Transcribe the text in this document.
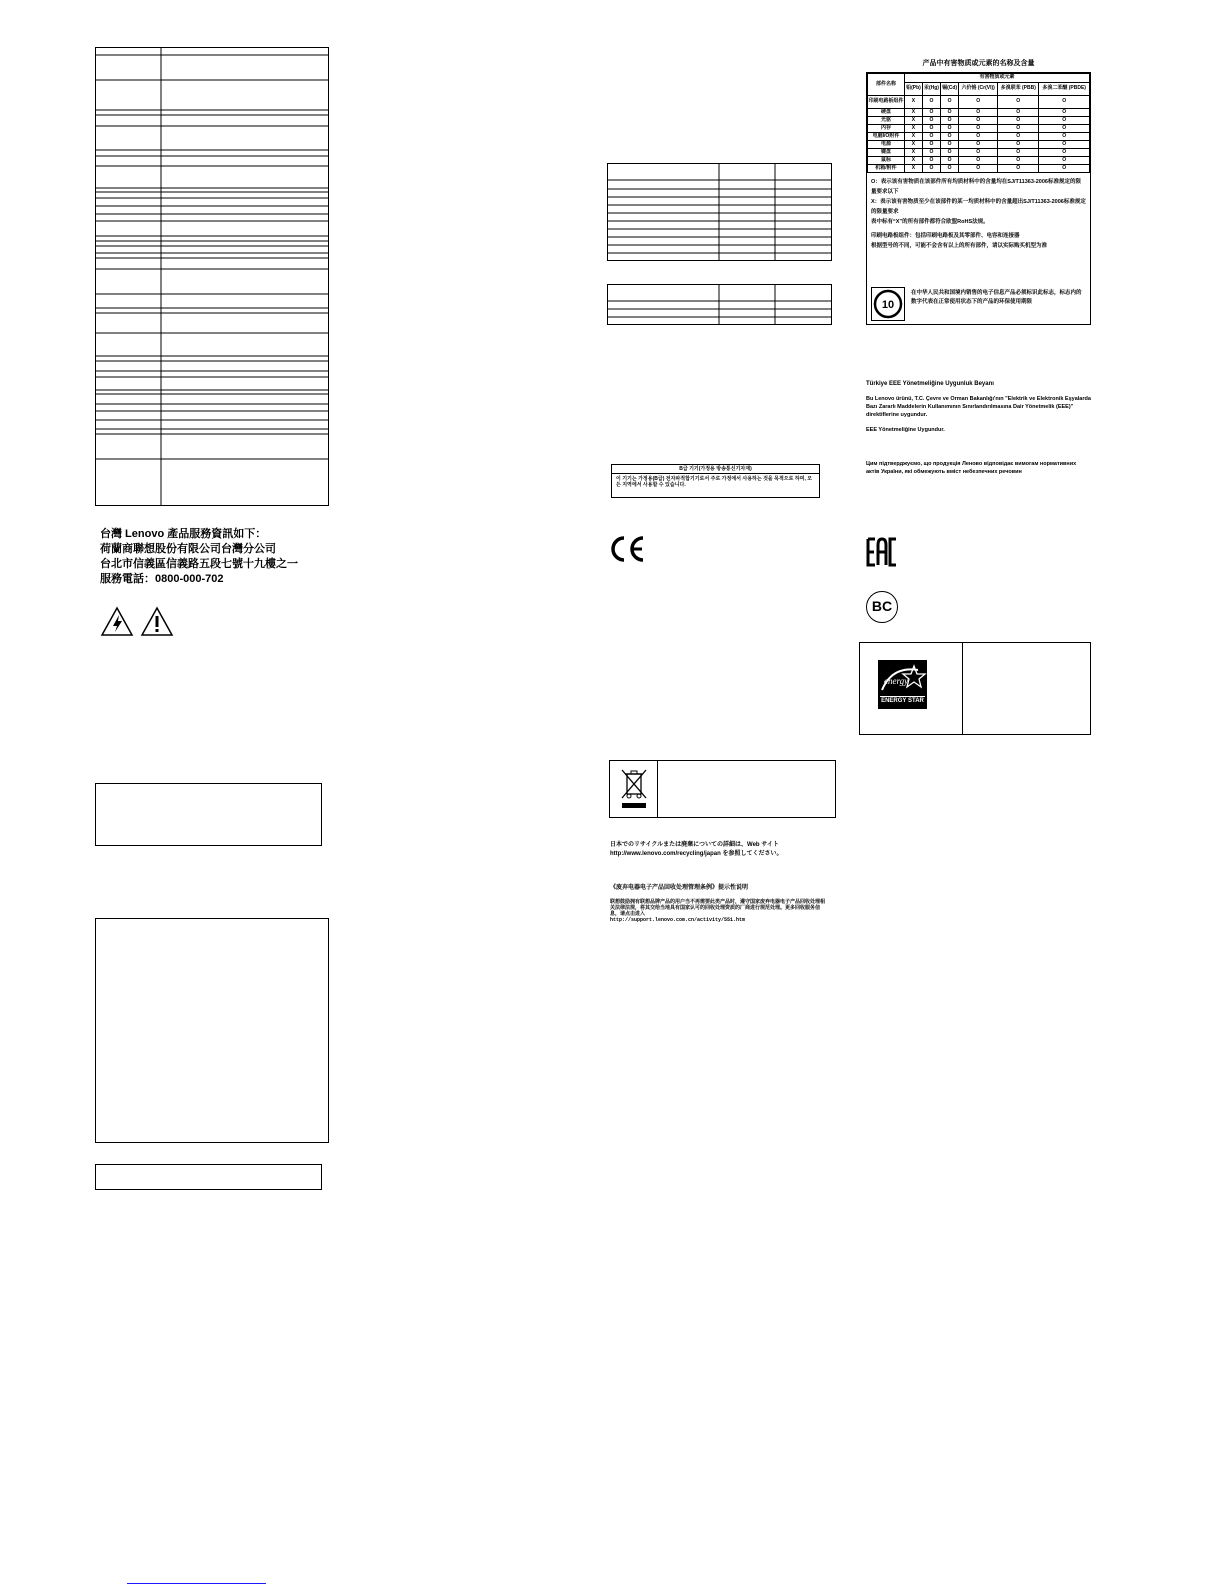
台灣 Lenovo 產品服務資訊如下：
荷蘭商聯想股份有限公司台灣分公司
台北市信義區信義路五段七號十九樓之一
服務電話：0800-000-702
B급 기기(가정용 방송통신기자재)
이 기기는 가정용(B급) 전자파적합기기로서 주로 가정에서 사용하는 것을 목적으로 하며, 모든 지역에서 사용할 수 있습니다.
日本でのリサイクルまたは廃棄についての詳細は、Web サイト
http://www.lenovo.com/recycling/japan を参照してください。
《废弃电器电子产品回收处理管理条例》提示性说明
联想鼓励拥有联想品牌产品的用户当不再需要此类产品时，遵守国家废弃电器电子产品回收处理相关法律法规，将其交给当地具有国家认可的回收处理资质的厂商进行规范处理。更多回收服务信息，请点击进入
http://support.lenovo.com.cn/activity/551.htm
产品中有害物质或元素的名称及含量
部件名称	有害物质或元素					
	铅(Pb)	汞(Hg)	镉(Cd)	六价铬 (Cr(VI))	多溴联苯 (PBB)	多溴二苯醚 (PBDE)
印刷电路板组件	X	O	O	O	O	O
硬盘	X	O	O	O	O	O
光驱	X	O	O	O	O	O
内存	X	O	O	O	O	O
电脑I/O附件	X	O	O	O	O	O
电源	X	O	O	O	O	O
键盘	X	O	O	O	O	O
鼠标	X	O	O	O	O	O
机箱/附件	X	O	O	O	O	O
O：表示该有害物质在该部件所有均质材料中的含量均在SJ/T11363-2006标准规定的限量要求以下
X：表示该有害物质至少在该部件的某一均质材料中的含量超出SJ/T11363-2006标准规定的限量要求
表中标有“X”的所有部件都符合欧盟RoHS法规。
印刷电路板组件：包括印刷电路板及其零部件、电容和连接器
根据型号的不同，可能不会含有以上的所有部件，请以实际购买机型为准
10
在中华人民共和国境内销售的电子信息产品必须标识此标志，标志内的数字代表在正常使用状态下的产品的环保使用期限
Türkiye EEE Yönetmeliğine Uygunluk Beyanı
Bu Lenovo ürünü, T.C. Çevre ve Orman Bakanlığı'nın "Elektrik ve Elektronik Eşyalarda Bazı Zararlı Maddelerin Kullanımının Sınırlandırılmasına Dair Yönetmelik (EEE)" direktiflerine uygundur.
EEE Yönetmeliğine Uygundur.
Цим підтверджуємо, що продукція Леново відповідає вимогам нормативних актів України, які обмежують вміст небезпечних речовин
BC
energy
ENERGY STAR
